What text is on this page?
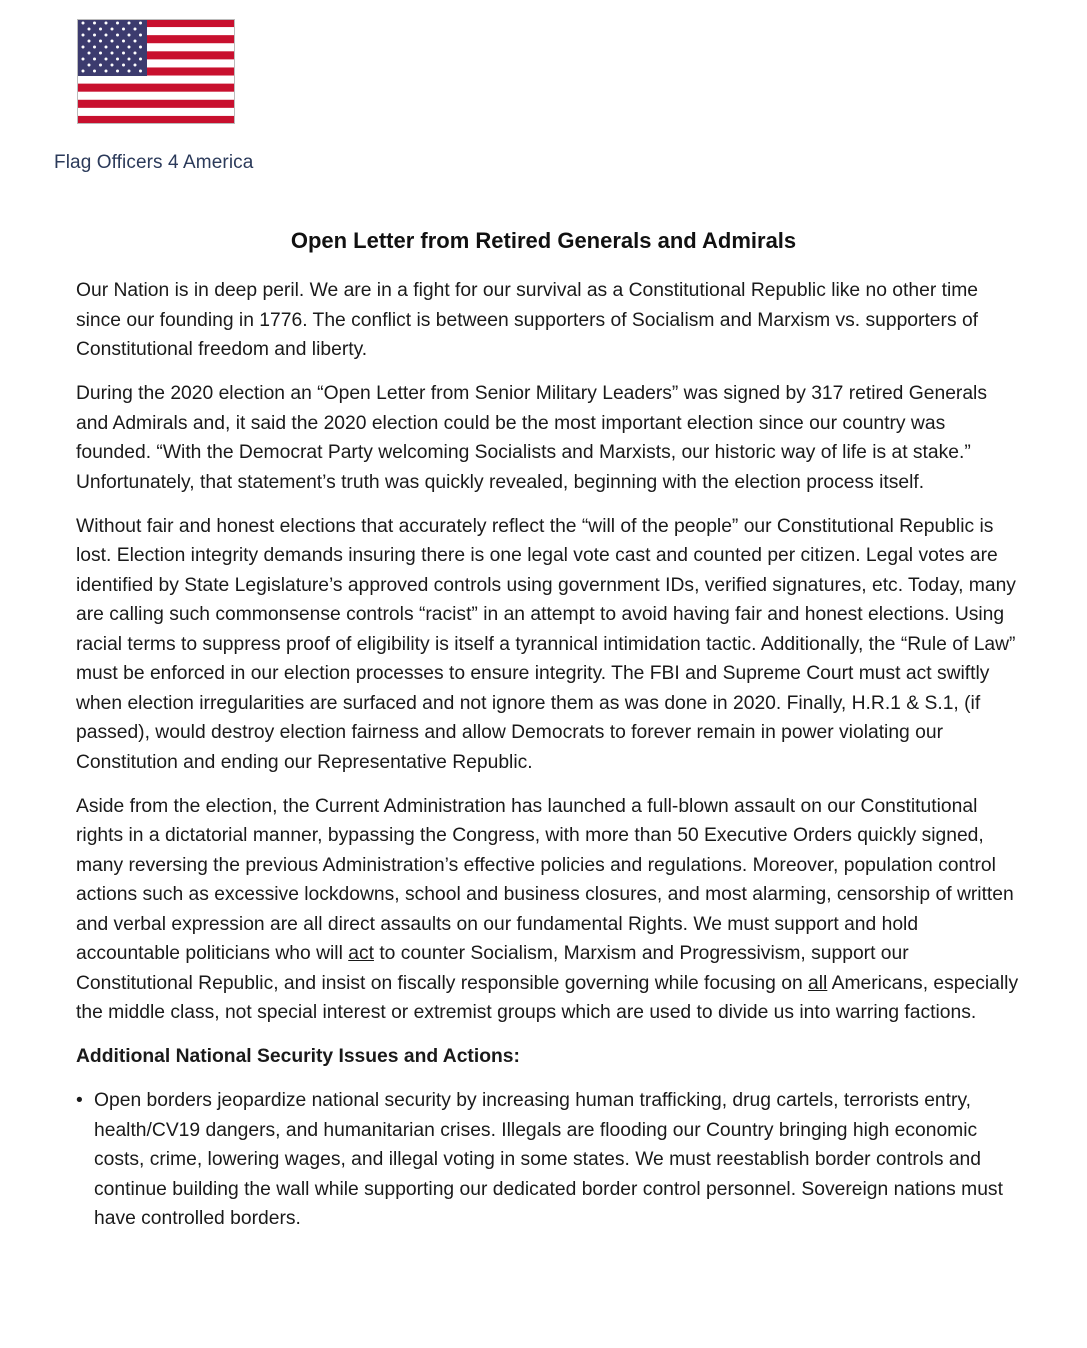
Flag Officers 4 America
Open Letter from Retired Generals and Admirals

Our Nation is in deep peril. We are in a fight for our survival as a Constitutional Republic like no other time since our founding in 1776. The conflict is between supporters of Socialism and Marxism vs. supporters of Constitutional freedom and liberty.

During the 2020 election an “Open Letter from Senior Military Leaders” was signed by 317 retired Generals and Admirals and, it said the 2020 election could be the most important election since our country was founded. “With the Democrat Party welcoming Socialists and Marxists, our historic way of life is at stake.” Unfortunately, that statement’s truth was quickly revealed, beginning with the election process itself.

Without fair and honest elections that accurately reflect the “will of the people” our Constitutional Republic is lost. Election integrity demands insuring there is one legal vote cast and counted per citizen. Legal votes are identified by State Legislature’s approved controls using government IDs, verified signatures, etc. Today, many are calling such commonsense controls “racist” in an attempt to avoid having fair and honest elections. Using racial terms to suppress proof of eligibility is itself a tyrannical intimidation tactic. Additionally, the “Rule of Law” must be enforced in our election processes to ensure integrity. The FBI and Supreme Court must act swiftly when election irregularities are surfaced and not ignore them as was done in 2020. Finally, H.R.1 & S.1, (if passed), would destroy election fairness and allow Democrats to forever remain in power violating our Constitution and ending our Representative Republic.

Aside from the election, the Current Administration has launched a full-blown assault on our Constitutional rights in a dictatorial manner, bypassing the Congress, with more than 50 Executive Orders quickly signed, many reversing the previous Administration’s effective policies and regulations. Moreover, population control actions such as excessive lockdowns, school and business closures, and most alarming, censorship of written and verbal expression are all direct assaults on our fundamental Rights. We must support and hold accountable politicians who will act to counter Socialism, Marxism and Progressivism, support our Constitutional Republic, and insist on fiscally responsible governing while focusing on all Americans, especially the middle class, not special interest or extremist groups which are used to divide us into warring factions.

Additional National Security Issues and Actions:
• Open borders jeopardize national security by increasing human trafficking, drug cartels, terrorists entry, health/CV19 dangers, and humanitarian crises. Illegals are flooding our Country bringing high economic costs, crime, lowering wages, and illegal voting in some states. We must reestablish border controls and continue building the wall while supporting our dedicated border control personnel. Sovereign nations must have controlled borders.
